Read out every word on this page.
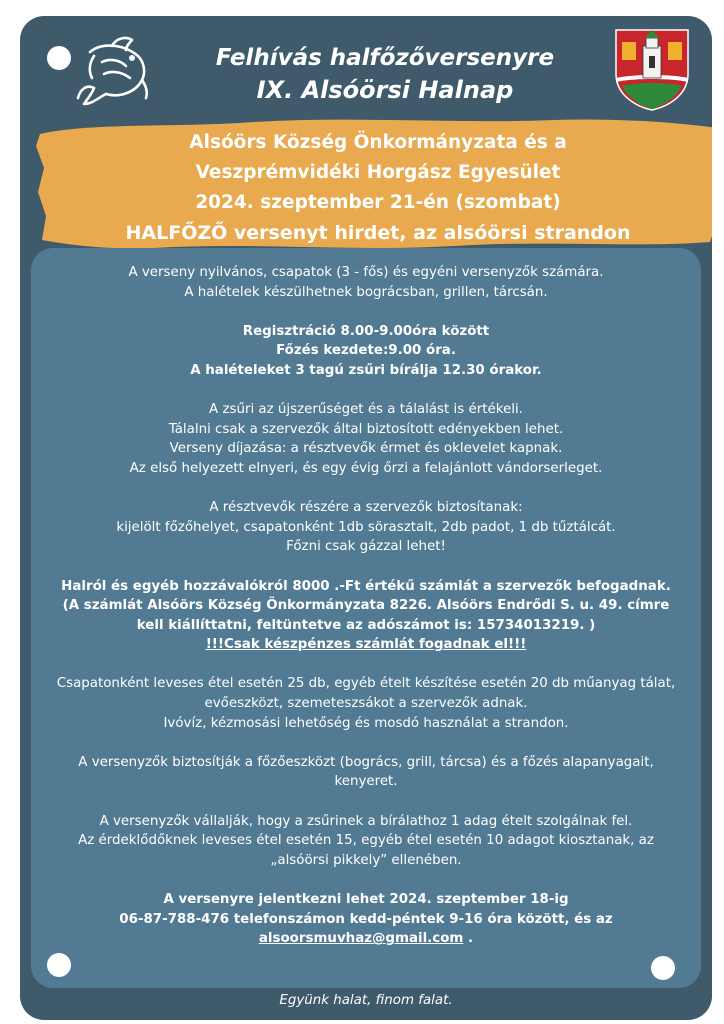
Felhívás halfőzőversenyre
IX. Alsóörsi Halnap
Alsóörs Község Önkormányzata és a
Veszprémvidéki Horgász Egyesület
2024. szeptember 21-én (szombat)
HALFŐZŐ versenyt hirdet, az alsóörsi strandon

A verseny nyilvános, csapatok (3 - fős) és egyéni versenyzők számára.
A halételek készülhetnek bográcsban, grillen, tárcsán.

Regisztráció 8.00-9.00óra között
Főzés kezdete:9.00 óra.
A halételeket 3 tagú zsűri bírálja 12.30 órakor.

A zsűri az újszerűséget és a tálalást is értékeli.
Tálalni csak a szervezők által biztosított edényekben lehet.
Verseny díjazása: a résztvevők érmet és oklevelet kapnak.
Az első helyezett elnyeri, és egy évig őrzi a felajánlott vándorserleget.

A résztvevők részére a szervezők biztosítanak:
kijelölt főzőhelyet, csapatonként 1db sörasztalt, 2db padot, 1 db tűztálcát.
Főzni csak gázzal lehet!

Halról és egyéb hozzávalókról 8000 .-Ft értékű számlát a szervezők befogadnak.
(A számlát Alsóörs Község Önkormányzata 8226. Alsóörs Endrődi S. u. 49. címre kell kiállíttatni, feltüntetve az adószámot is: 15734013219. )
!!!Csak készpénzes számlát fogadnak el!!!

Csapatonként leveses étel esetén 25 db, egyéb ételt készítése esetén 20 db műanyag tálat, evőeszközt, szemeteszsákot a szervezők adnak.
Ivóvíz, kézmosási lehetőség és mosdó használat a strandon.

A versenyzők biztosítják a főzőeszközt (bogrács, grill, tárcsa) és a főzés alapanyagait, kenyeret.

A versenyzők vállalják, hogy a zsűrinek a bírálathoz 1 adag ételt szolgálnak fel.
Az érdeklődőknek leveses étel esetén 15, egyéb étel esetén 10 adagot kiosztanak, az „alsóörsi pikkely” ellenében.

A versenyre jelentkezni lehet 2024. szeptember 18-ig
06-87-788-476 telefonszámon kedd-péntek 9-16 óra között, és az
alsoorsmuvhaz@gmail.com .

Együnk halat, finom falat.
